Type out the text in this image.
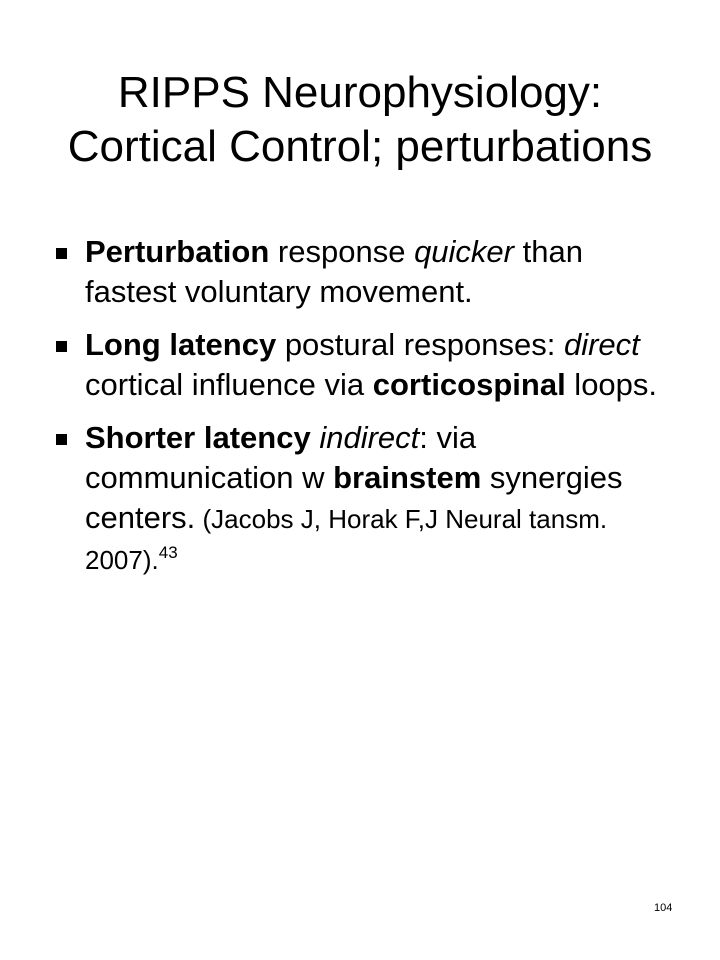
RIPPS Neurophysiology:
Cortical Control; perturbations
Perturbation response quicker than fastest voluntary movement.
Long latency postural responses: direct cortical influence via corticospinal loops.
Shorter latency indirect: via communication w brainstem synergies centers. (Jacobs J, Horak F,J Neural tansm. 2007).$^{43}$
104
